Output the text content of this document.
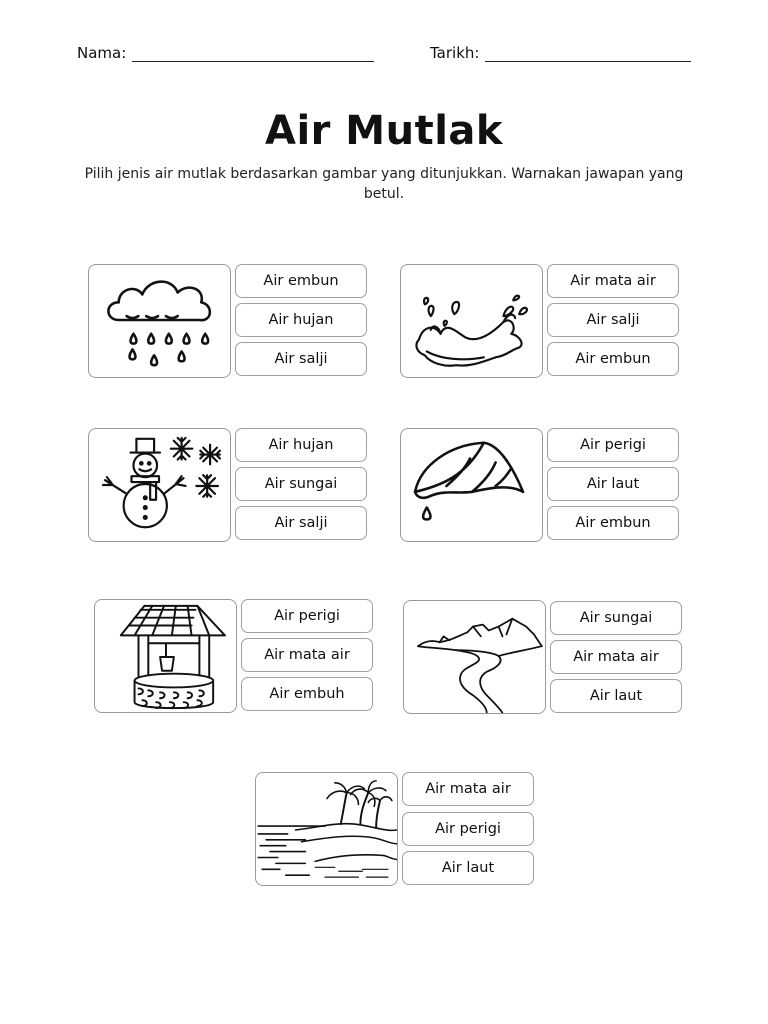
Nama:	Tarikh:
Air Mutlak
Pilih jenis air mutlak berdasarkan gambar yang ditunjukkan. Warnakan jawapan yang betul.
Air embun
Air hujan
Air salji
Air mata air
Air salji
Air embun
Air hujan
Air sungai
Air salji
Air perigi
Air laut
Air embun
Air perigi
Air mata air
Air embuh
Air sungai
Air mata air
Air laut
Air mata air
Air perigi
Air laut
